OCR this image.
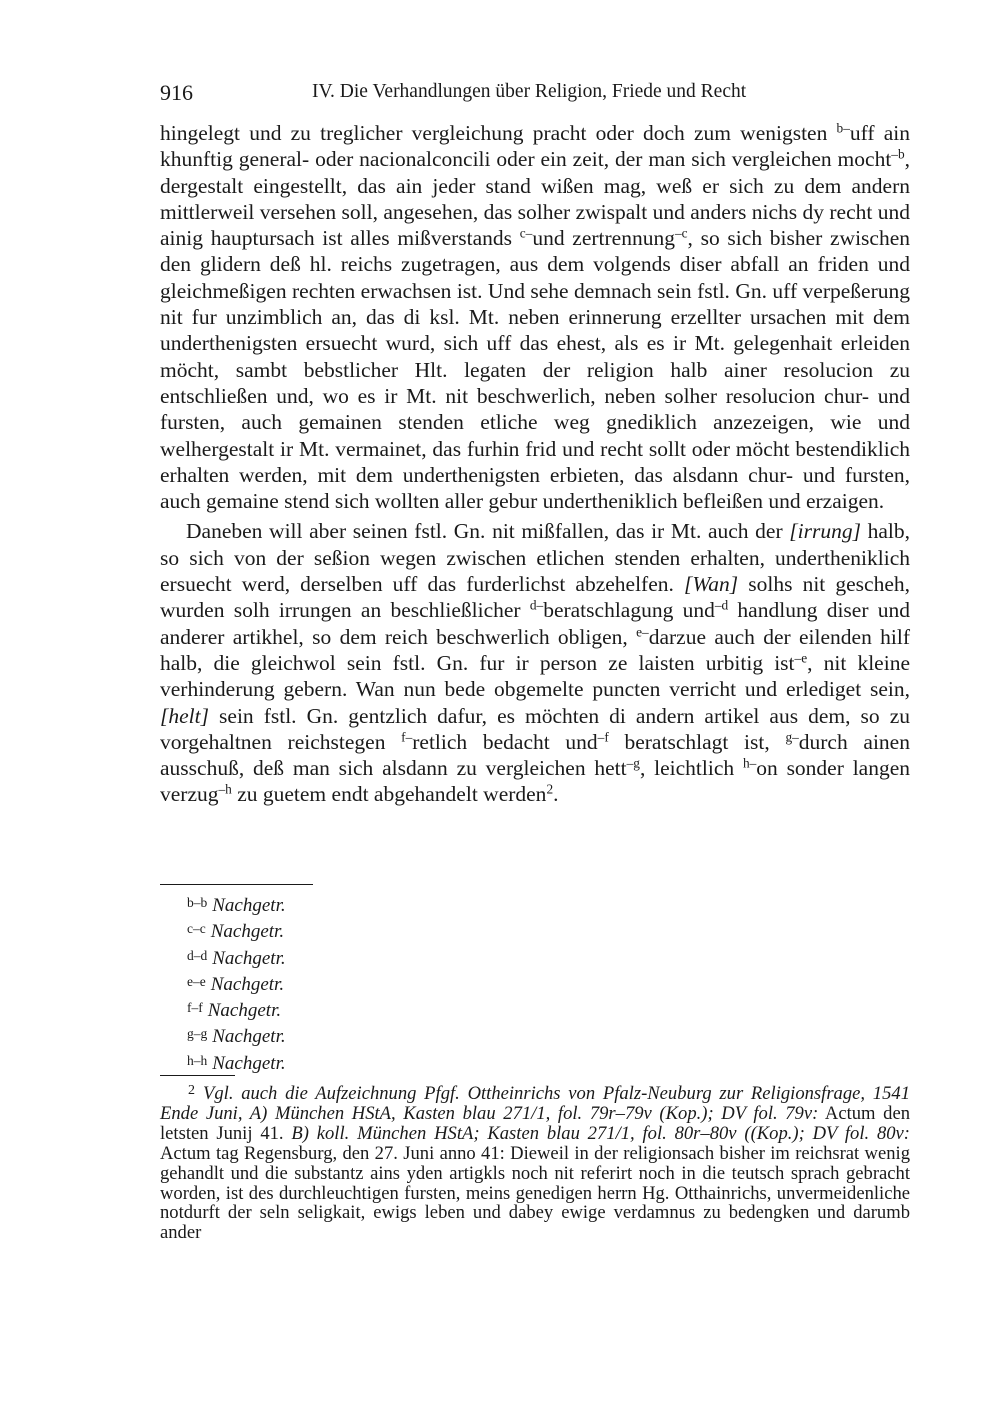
916	IV. Die Verhandlungen über Religion, Friede und Recht

hingelegt und zu treglicher vergleichung pracht oder doch zum wenigsten $^{b-}$uff ain khunftig general- oder nacionalconcili oder ein zeit, der man sich vergleichen mocht$^{-b}$, dergestalt eingestellt, das ain jeder stand wißen mag, weß er sich zu dem andern mittlerweil versehen soll, angesehen, das solher zwispalt und anders nichs dy recht und ainig hauptursach ist alles mißverstands $^{c-}$und zertrennung$^{-c}$, so sich bisher zwischen den glidern deß hl. reichs zugetragen, aus dem volgends diser abfall an friden und gleichmeßigen rechten erwachsen ist. Und sehe demnach sein fstl. Gn. uff verpeßerung nit fur unzimblich an, das di ksl. Mt. neben erinnerung erzellter ursachen mit dem underthenigsten ersuecht wurd, sich uff das ehest, als es ir Mt. gelegenhait erleiden möcht, sambt bebstlicher Hlt. legaten der religion halb ainer resolucion zu entschließen und, wo es ir Mt. nit beschwerlich, neben solher resolucion chur- und fursten, auch gemainen stenden etliche weg gnediklich anzezeigen, wie und welhergestalt ir Mt. vermainet, das furhin frid und recht sollt oder möcht bestendiklich erhalten werden, mit dem underthenigsten erbieten, das alsdann chur- und fursten, auch gemaine stend sich wollten aller gebur undertheniklich befleißen und erzaigen.

Daneben will aber seinen fstl. Gn. nit mißfallen, das ir Mt. auch der [irrung] halb, so sich von der seßion wegen zwischen etlichen stenden erhalten, undertheniklich ersuecht werd, derselben uff das furderlichst abzehelfen. [Wan] solhs nit gescheh, wurden solh irrungen an beschließlicher $^{d-}$beratschlagung und$^{-d}$ handlung diser und anderer artikhel, so dem reich beschwerlich obligen, $^{e-}$darzue auch der eilenden hilf halb, die gleichwol sein fstl. Gn. fur ir person ze laisten urbitig ist$^{-e}$, nit kleine verhinderung gebern. Wan nun bede obgemelte puncten verricht und erlediget sein, [helt] sein fstl. Gn. gentzlich dafur, es möchten di andern artikel aus dem, so zu vorgehaltnen reichstegen $^{f-}$retlich bedacht und$^{-f}$ beratschlagt ist, $^{g-}$durch ainen ausschuß, deß man sich alsdann zu vergleichen hett$^{-g}$, leichtlich $^{h-}$on sonder langen verzug$^{-h}$ zu guetem endt abgehandelt werden$^2$.

$^{b-b}$ Nachgetr.
$^{c-c}$ Nachgetr.
$^{d-d}$ Nachgetr.
$^{e-e}$ Nachgetr.
$^{f-f}$ Nachgetr.
$^{g-g}$ Nachgetr.
$^{h-h}$ Nachgetr.

$^2$ Vgl. auch die Aufzeichnung Pfgf. Ottheinrichs von Pfalz-Neuburg zur Religionsfrage, 1541 Ende Juni, A) München HStA, Kasten blau 271/1, fol. 79r–79v (Kop.); DV fol. 79v: Actum den letsten Junij 41. B) koll. München HStA; Kasten blau 271/1, fol. 80r–80v ((Kop.); DV fol. 80v: Actum tag Regensburg, den 27. Juni anno 41: Dieweil in der religionsach bisher im reichsrat wenig gehandlt und die substantz ains yden artigkls noch nit referirt noch in die teutsch sprach gebracht worden, ist des durchleuchtigen fursten, meins genedigen herrn Hg. Otthainrichs, unvermeidenliche notdurft der seln seligkait, ewigs leben und dabey ewige verdamnus zu bedengken und darumb ander
